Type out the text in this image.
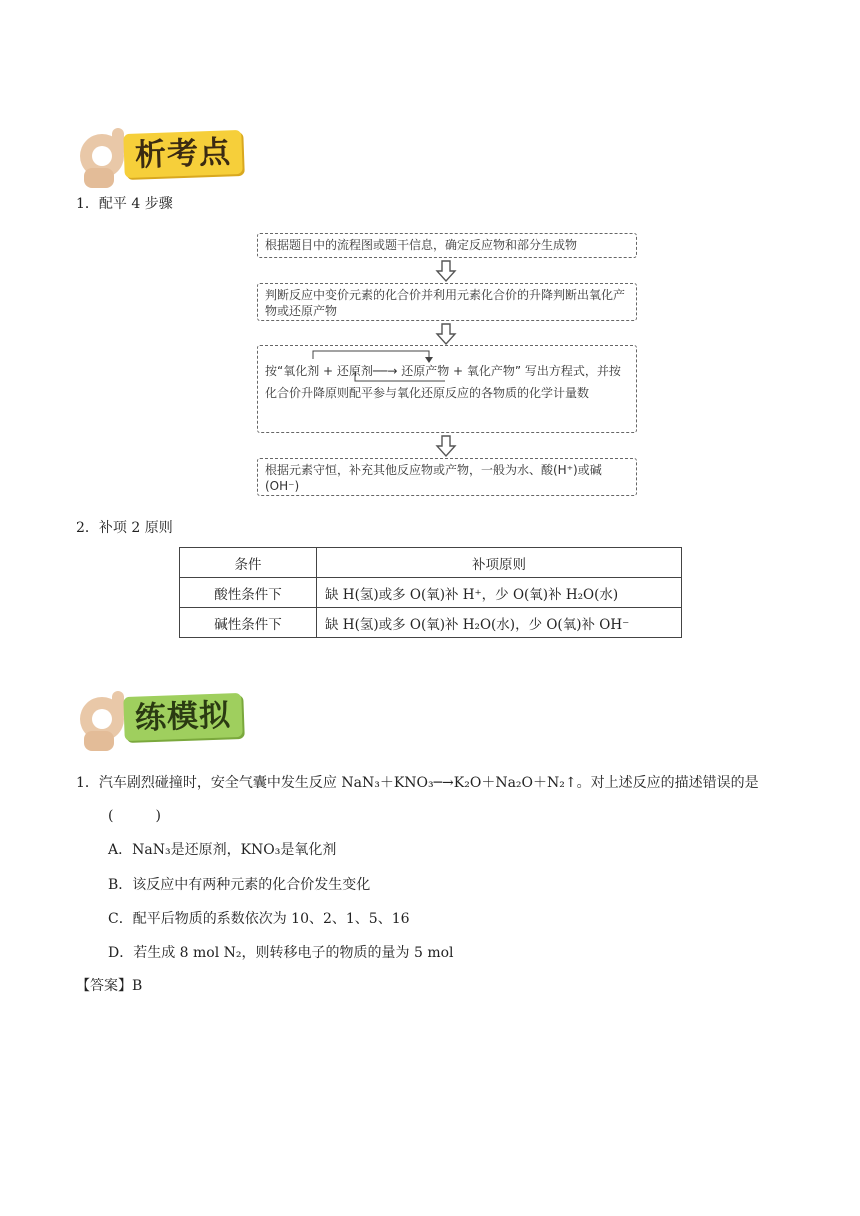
析考点
1．配平 4 步骤
根据题目中的流程图或题干信息，确定反应物和部分生成物
判断反应中变价元素的化合价并利用元素化合价的升降判断出氧化产物或还原产物
按“氧化剂 + 还原剂──→ 还原产物 + 氧化产物” 写出方程式，并按化合价升降原则配平参与氧化还原反应的各物质的化学计量数
根据元素守恒，补充其他反应物或产物，一般为水、酸(H⁺)或碱(OH⁻)
2．补项 2 原则
条件	补项原则
酸性条件下	缺 H(氢)或多 O(氧)补 H⁺，少 O(氧)补 H₂O(水)
碱性条件下	缺 H(氢)或多 O(氧)补 H₂O(水)，少 O(氧)补 OH⁻
练模拟
1．汽车剧烈碰撞时，安全气囊中发生反应 NaN₃＋KNO₃─→K₂O＋Na₂O＋N₂↑。对上述反应的描述错误的是
(　　　)
A．NaN₃是还原剂，KNO₃是氧化剂
B．该反应中有两种元素的化合价发生变化
C．配平后物质的系数依次为 10、2、1、5、16
D．若生成 8 mol N₂，则转移电子的物质的量为 5 mol
【答案】B
